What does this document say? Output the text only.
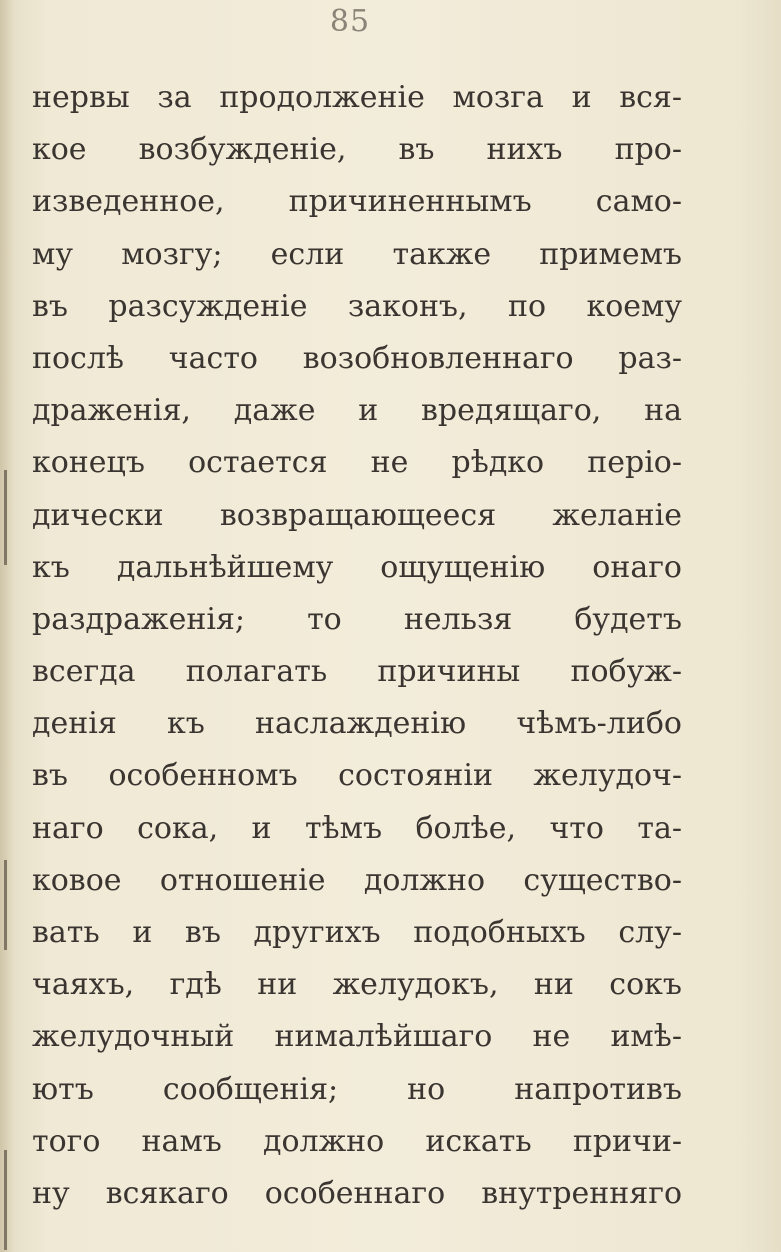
85
нервы за продолженіе мозга и вся-
кое возбужденіе, въ нихъ про-
изведенное, причиненнымъ само-
му мозгу; если также примемъ
въ разсужденіе законъ, по коему
послѣ часто возобновленнаго раз-
драженія, даже и вредящаго, на
конецъ остается не рѣдко періо-
дически возвращающееся желаніе
къ дальнѣйшему ощущенію онаго
раздраженія; то нельзя будетъ
всегда полагать причины побуж-
денія къ наслажденію чѣмъ-либо
въ особенномъ состояніи желудоч-
наго сока, и тѣмъ болѣе, что та-
ковое отношеніе должно существо-
вать и въ другихъ подобныхъ слу-
чаяхъ, гдѣ ни желудокъ, ни сокъ
желудочный нималѣйшаго не имѣ-
ютъ сообщенія; но напротивъ
того намъ должно искать причи-
ну всякаго особеннаго внутренняго
